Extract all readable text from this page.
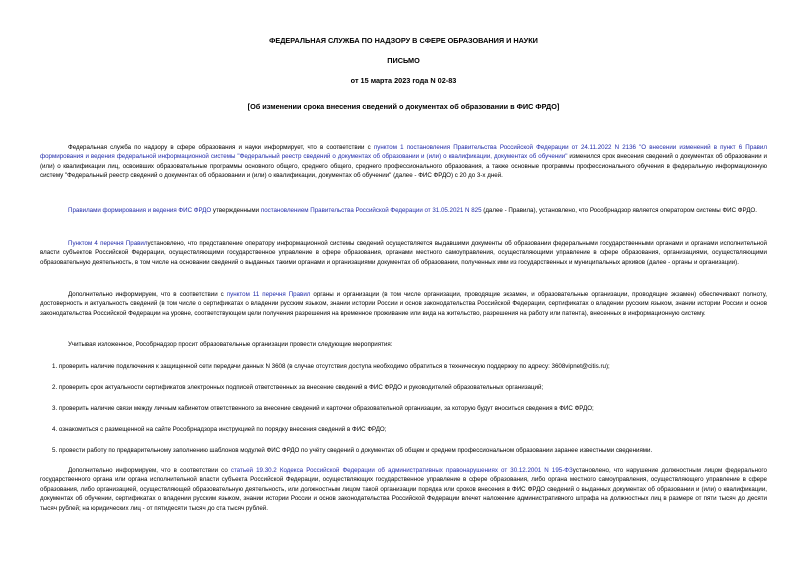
ФЕДЕРАЛЬНАЯ СЛУЖБА ПО НАДЗОРУ В СФЕРЕ ОБРАЗОВАНИЯ И НАУКИ
ПИСЬМО
от 15 марта 2023 года N 02-83
[Об изменении срока внесения сведений о документах об образовании в ФИС ФРДО]
Федеральная служба по надзору в сфере образования и науки информирует, что в соответствии с пунктом 1 постановления Правительства Российской Федерации от 24.11.2022 N 2136 "О внесении изменений в пункт 6 Правил формирования и ведения федеральной информационной системы "Федеральный реестр сведений о документах об образовании и (или) о квалификации, документах об обучении" изменился срок внесения сведений о документах об образовании и (или) о квалификации лиц, освоивших образовательные программы основного общего, среднего общего, среднего профессионального образования, а также основные программы профессионального обучения в федеральную информационную систему "Федеральный реестр сведений о документах об образовании и (или) о квалификации, документах об обучении" (далее - ФИС ФРДО) с 20 до 3-х дней.
Правилами формирования и ведения ФИС ФРДО утвержденными постановлением Правительства Российской Федерации от 31.05.2021 N 825 (далее - Правила), установлено, что Рособрнадзор является оператором системы ФИС ФРДО.
Пунктом 4 перечня Правилустановлено, что представление оператору информационной системы сведений осуществляется выдавшими документы об образовании федеральными государственными органами и органами исполнительной власти субъектов Российской Федерации, осуществляющими государственное управление в сфере образования, органами местного самоуправления, осуществляющими управление в сфере образования, организациями, осуществляющими образовательную деятельность, в том числе на основании сведений о выданных такими органами и организациями документах об образовании, полученных ими из государственных и муниципальных архивов (далее - органы и организации).
Дополнительно информируем, что в соответствии с пунктом 11 перечня Правил органы и организации (в том числе организации, проводящие экзамен, и образовательные организации, проводящие экзамен) обеспечивают полноту, достоверность и актуальность сведений (в том числе о сертификатах о владении русским языком, знании истории России и основ законодательства Российской Федерации, сертификатах о владении русским языком, знании истории России и основ законодательства Российской Федерации на уровне, соответствующем цели получения разрешения на временное проживание или вида на жительство, разрешения на работу или патента), внесенных в информационную систему.
Учитывая изложенное, Рособрнадзор просит образовательные организации провести следующие мероприятия:
1. проверить наличие подключения к защищенной сети передачи данных N 3608 (в случае отсутствия доступа необходимо обратиться в техническую поддержку по адресу: 3608vipnet@citis.ru);
2. проверить срок актуальности сертификатов электронных подписей ответственных за внесение сведений в ФИС ФРДО и руководителей образовательных организаций;
3. проверить наличие связи между личным кабинетом ответственного за внесение сведений и карточки образовательной организации, за которую будут вноситься сведения в ФИС ФРДО;
4. ознакомиться с размещенной на сайте Рособрнадзора инструкцией по порядку внесения сведений в ФИС ФРДО;
5. провести работу по предварительному заполнению шаблонов модулей ФИС ФРДО по учёту сведений о документах об общем и среднем профессиональном образовании заранее известными сведениями.
Дополнительно информируем, что в соответствии со статьей 19.30.2 Кодекса Российской Федерации об административных правонарушениях от 30.12.2001 N 195-ФЗустановлено, что нарушение должностным лицом федерального государственного органа или органа исполнительной власти субъекта Российской Федерации, осуществляющих государственное управление в сфере образования, либо органа местного самоуправления, осуществляющего управление в сфере образования, либо организацией, осуществляющей образовательную деятельность, или должностным лицом такой организации порядка или сроков внесения в ФИС ФРДО сведений о выданных документах об образовании и (или) о квалификации, документах об обучении, сертификатах о владении русским языком, знании истории России и основ законодательства Российской Федерации влечет наложение административного штрафа на должностных лиц в размере от пяти тысяч до десяти тысяч рублей; на юридических лиц - от пятидесяти тысяч до ста тысяч рублей.
